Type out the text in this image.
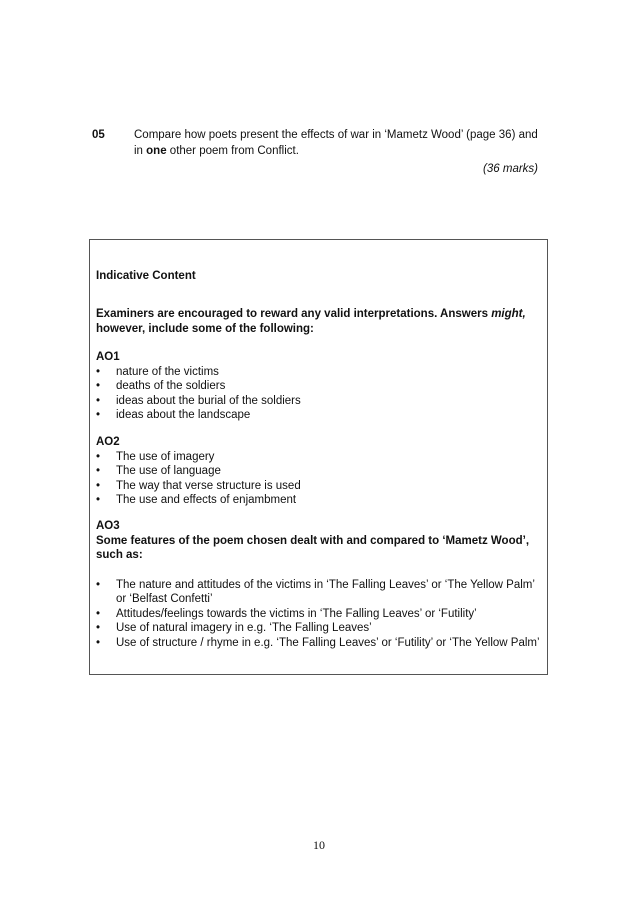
05	Compare how poets present the effects of war in ‘Mametz Wood’ (page 36) and in one other poem from Conflict.
(36 marks)
Indicative Content
Examiners are encouraged to reward any valid interpretations. Answers might, however, include some of the following:
AO1
• nature of the victims
• deaths of the soldiers
• ideas about the burial of the soldiers
• ideas about the landscape
AO2
• The use of imagery
• The use of language
• The way that verse structure is used
• The use and effects of enjambment
AO3
Some features of the poem chosen dealt with and compared to ‘Mametz Wood’, such as:
• The nature and attitudes of the victims in ‘The Falling Leaves’ or ‘The Yellow Palm’ or ‘Belfast Confetti’
• Attitudes/feelings towards the victims in ‘The Falling Leaves’ or ‘Futility’
• Use of natural imagery in e.g. ‘The Falling Leaves’
• Use of structure / rhyme in e.g. ‘The Falling Leaves’ or ‘Futility’ or ‘The Yellow Palm’
10
